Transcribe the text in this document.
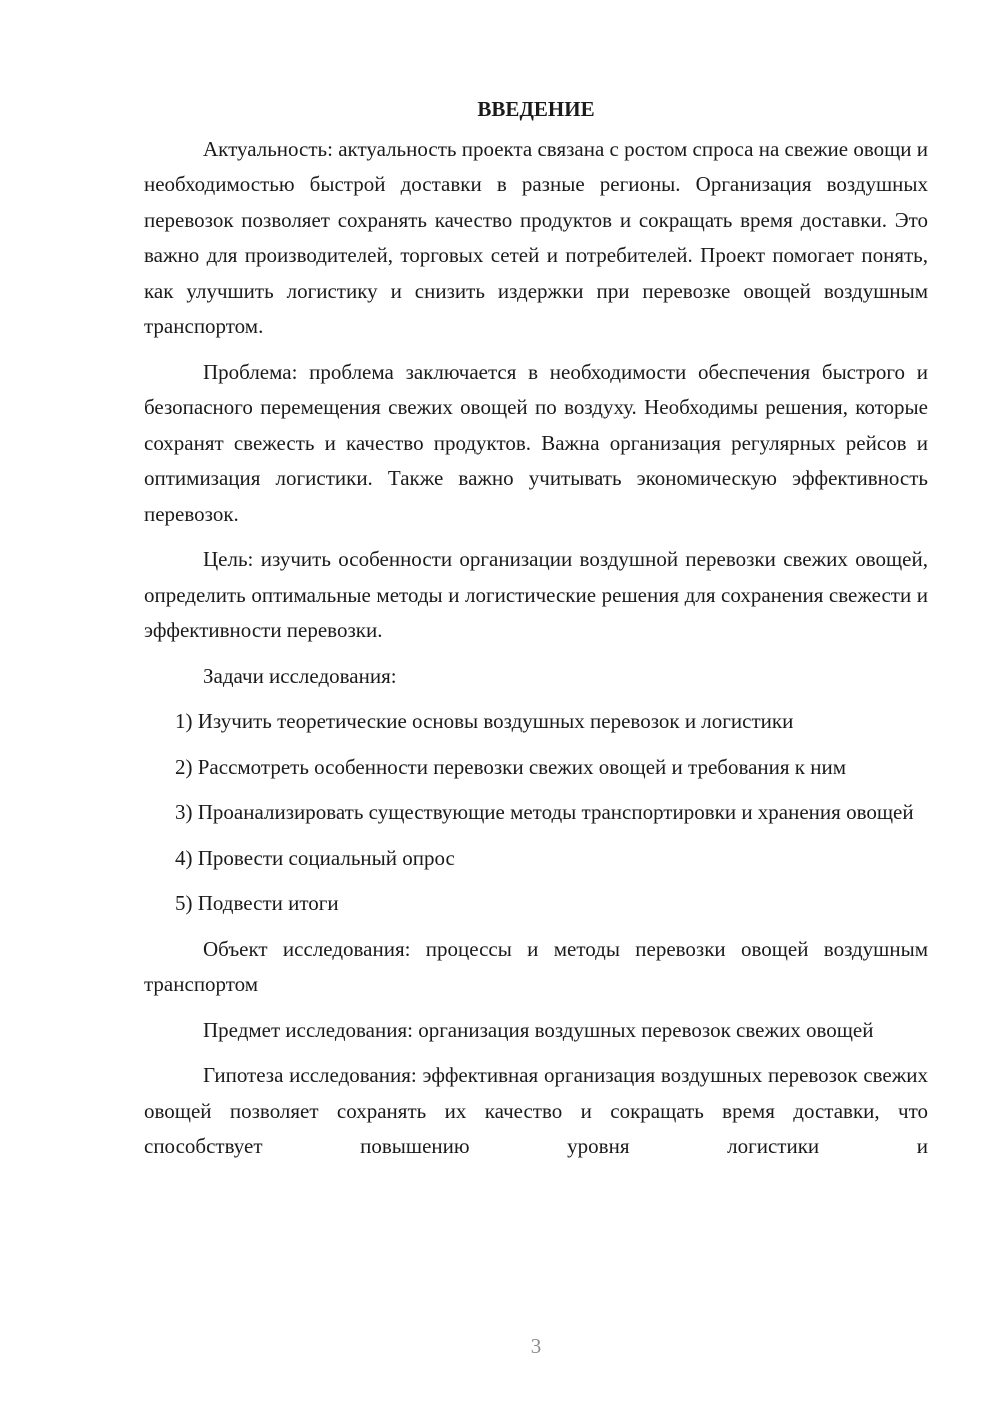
ВВЕДЕНИЕ

Актуальность: актуальность проекта связана с ростом спроса на свежие овощи и необходимостью быстрой доставки в разные регионы. Организация воздушных перевозок позволяет сохранять качество продуктов и сокращать время доставки. Это важно для производителей, торговых сетей и потребителей. Проект помогает понять, как улучшить логистику и снизить издержки при перевозке овощей воздушным транспортом.

Проблема: проблема заключается в необходимости обеспечения быстрого и безопасного перемещения свежих овощей по воздуху. Необходимы решения, которые сохранят свежесть и качество продуктов. Важна организация регулярных рейсов и оптимизация логистики. Также важно учитывать экономическую эффективность перевозок.

Цель: изучить особенности организации воздушной перевозки свежих овощей, определить оптимальные методы и логистические решения для сохранения свежести и эффективности перевозки.

Задачи исследования:

1) Изучить теоретические основы воздушных перевозок и логистики

2) Рассмотреть особенности перевозки свежих овощей и требования к ним

3) Проанализировать существующие методы транспортировки и хранения овощей

4) Провести социальный опрос

5) Подвести итоги

Объект исследования: процессы и методы перевозки овощей воздушным транспортом

Предмет исследования: организация воздушных перевозок свежих овощей

Гипотеза исследования: эффективная организация воздушных перевозок свежих овощей позволяет сохранять их качество и сокращать время доставки, что способствует повышению уровня логистики и

3
